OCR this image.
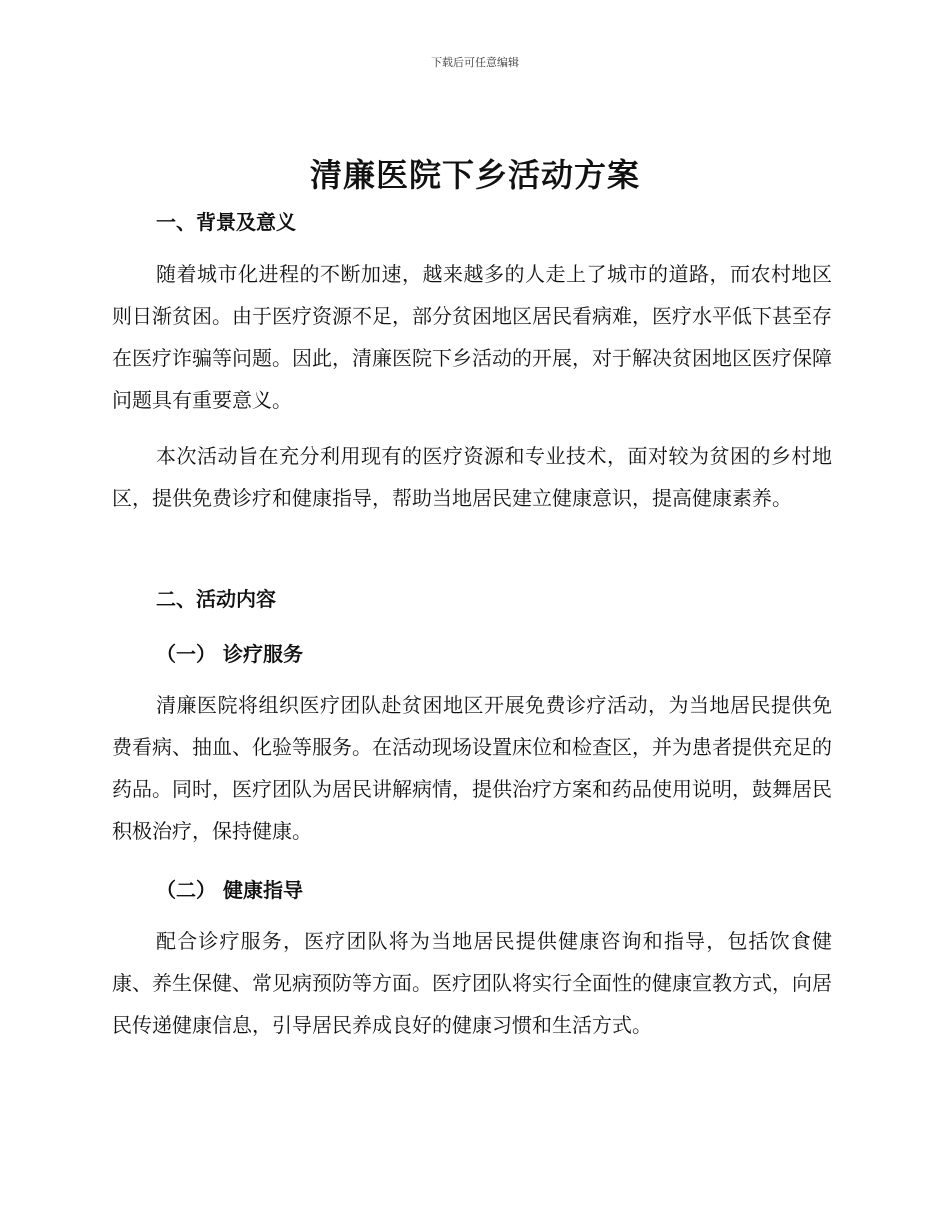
下载后可任意编辑
清廉医院下乡活动方案
一、背景及意义

随着城市化进程的不断加速，越来越多的人走上了城市的道路，而农村地区则日渐贫困。由于医疗资源不足，部分贫困地区居民看病难，医疗水平低下甚至存在医疗诈骗等问题。因此，清廉医院下乡活动的开展，对于解决贫困地区医疗保障问题具有重要意义。

本次活动旨在充分利用现有的医疗资源和专业技术，面对较为贫困的乡村地区，提供免费诊疗和健康指导，帮助当地居民建立健康意识，提高健康素养。

二、活动内容
（一） 诊疗服务

清廉医院将组织医疗团队赴贫困地区开展免费诊疗活动，为当地居民提供免费看病、抽血、化验等服务。在活动现场设置床位和检查区，并为患者提供充足的药品。同时，医疗团队为居民讲解病情，提供治疗方案和药品使用说明，鼓舞居民积极治疗，保持健康。

（二） 健康指导

配合诊疗服务，医疗团队将为当地居民提供健康咨询和指导，包括饮食健康、养生保健、常见病预防等方面。医疗团队将实行全面性的健康宣教方式，向居民传递健康信息，引导居民养成良好的健康习惯和生活方式。
